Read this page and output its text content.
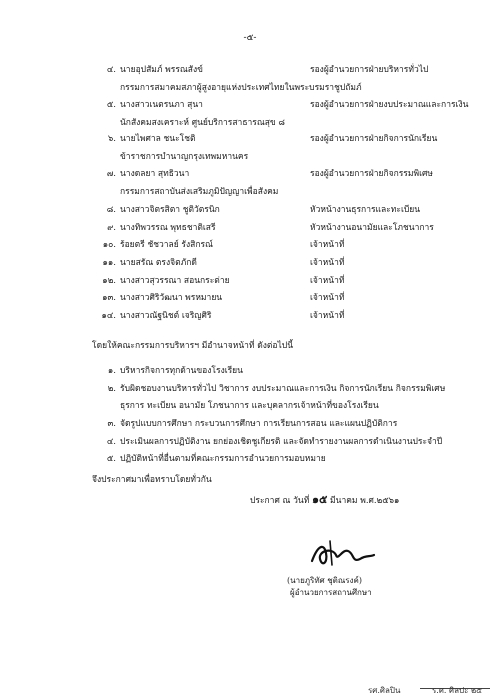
-๕-
๔. นายอุปสัมภ์ พรรณสังข์	รองผู้อำนวยการฝ่ายบริหารทั่วไป
กรรมการสมาคมสภาผู้สูงอายุแห่งประเทศไทยในพระบรมราชูปถัมภ์
๕. นางสาวเนตรนภา สุนา	รองผู้อำนวยการฝ่ายงบประมาณและการเงิน
นักสังคมสงเคราะห์ ศูนย์บริการสาธารณสุข ๘
๖. นายไพศาล ชนะโชติ	รองผู้อำนวยการฝ่ายกิจการนักเรียน
ข้าราชการบำนาญกรุงเทพมหานคร
๗. นางดลยา สุทธิวนา	รองผู้อำนวยการฝ่ายกิจกรรมพิเศษ
กรรมการสถาบันส่งเสริมภูมิปัญญาเพื่อสังคม
๘. นางสาวจิตรสิตา ชูติวัตรนิก	หัวหน้างานธุรการและทะเบียน
๙. นางทิพวรรณ พุทธชาติเสรี	หัวหน้างานอนามัยและโภชนาการ
๑๐. ร้อยตรี ชัชวาลย์ รังสิกรณ์	เจ้าหน้าที่
๑๑. นายสรัณ ตรงจิตภักดี	เจ้าหน้าที่
๑๒. นางสาวสุวรรณา สอนกระต่าย	เจ้าหน้าที่
๑๓. นางสาวศิริวัฒนา พรหมายน	เจ้าหน้าที่
๑๔. นางสาวณัฐนิชต์ เจริญศิริ	เจ้าหน้าที่
โดยให้คณะกรรมการบริหารฯ มีอำนาจหน้าที่ ดังต่อไปนี้
๑. บริหารกิจการทุกด้านของโรงเรียน
๒. รับผิดชอบงานบริหารทั่วไป วิชาการ งบประมาณและการเงิน กิจการนักเรียน กิจกรรมพิเศษ
ธุรการ ทะเบียน อนามัย โภชนาการ และบุคลากรเจ้าหน้าที่ของโรงเรียน
๓. จัดรูปแบบการศึกษา กระบวนการศึกษา การเรียนการสอน และแผนปฏิบัติการ
๔. ประเมินผลการปฏิบัติงาน ยกย่องเชิดชูเกียรติ และจัดทำรายงานผลการดำเนินงานประจำปี
๕. ปฏิบัติหน้าที่อื่นตามที่คณะกรรมการอำนวยการมอบหมาย
จึงประกาศมาเพื่อทราบโดยทั่วกัน
ประกาศ ณ วันที่ ๑๕ มีนาคม พ.ศ.๒๕๖๑
(นายภูริทัศ ชุติณรงค์)
ผู้อำนวยการสถานศึกษา
รศ.ศิลปิน	ร.ศ. ศิลปะ ๒๕
